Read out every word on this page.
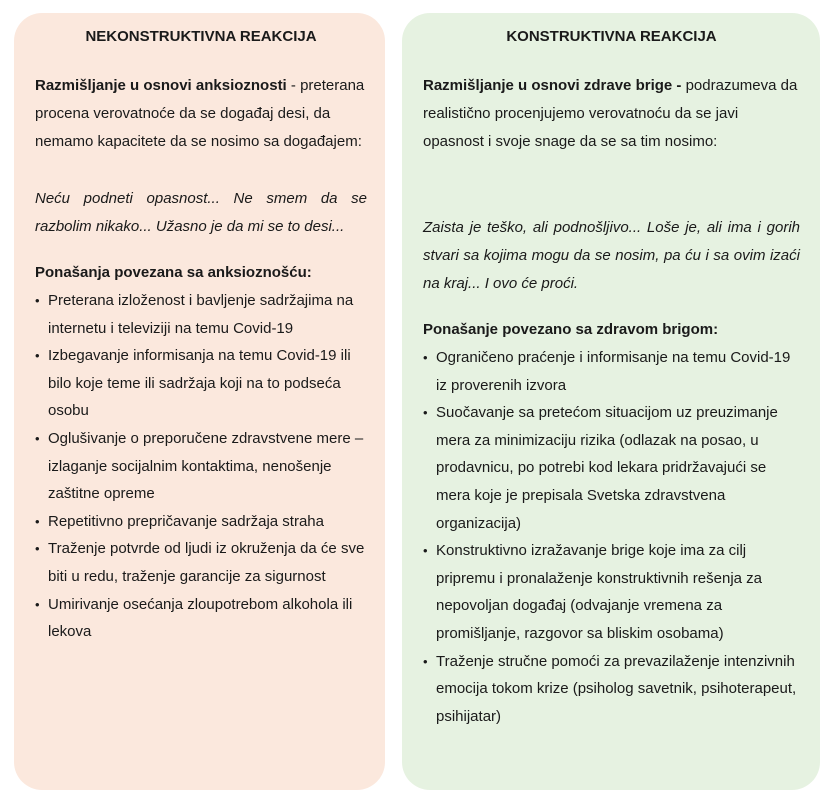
NEKONSTRUKTIVNA REAKCIJA
Razmišljanje u osnovi anksioznosti - preterana procena verovatnoće da se događaj desi, da nemamo kapacitete da se nosimo sa događajem:
Neću podneti opasnost... Ne smem da se razbolim nikako... Užasno je da mi se to desi...
Ponašanja povezana sa anksioznošću:
• Preterana izloženost i bavljenje sadržajima na internetu i televiziji na temu Covid-19
• Izbegavanje informisanja na temu Covid-19 ili bilo koje teme ili sadržaja koji na to podseća osobu
• Oglušivanje o preporučene zdravstvene mere – izlaganje socijalnim kontaktima, nenošenje zaštitne opreme
• Repetitivno prepričavanje sadržaja straha
• Traženje potvrde od ljudi iz okruženja da će sve biti u redu, traženje garancije za sigurnost
• Umirivanje osećanja zloupotrebom alkohola ili lekova
KONSTRUKTIVNA REAKCIJA
Razmišljanje u osnovi zdrave brige - podrazumeva da realistično procenjujemo verovatnoću da se javi opasnost i svoje snage da se sa tim nosimo:
Zaista je teško, ali podnošljivo... Loše je, ali ima i gorih stvari sa kojima mogu da se nosim, pa ću i sa ovim izaći na kraj... I ovo će proći.
Ponašanje povezano sa zdravom brigom:
• Ograničeno praćenje i informisanje na temu Covid-19 iz proverenih izvora
• Suočavanje sa pretećom situacijom uz preuzimanje mera za minimizaciju rizika (odlazak na posao, u prodavnicu, po potrebi kod lekara pridržavajući se mera koje je prepisala Svetska zdravstvena organizacija)
• Konstruktivno izražavanje brige koje ima za cilj pripremu i pronalaženje konstruktivnih rešenja za nepovoljan događaj (odvajanje vremena za promišljanje, razgovor sa bliskim osobama)
• Traženje stručne pomoći za prevazilaženje intenzivnih emocija tokom krize (psiholog savetnik, psihoterapeut, psihijatar)
